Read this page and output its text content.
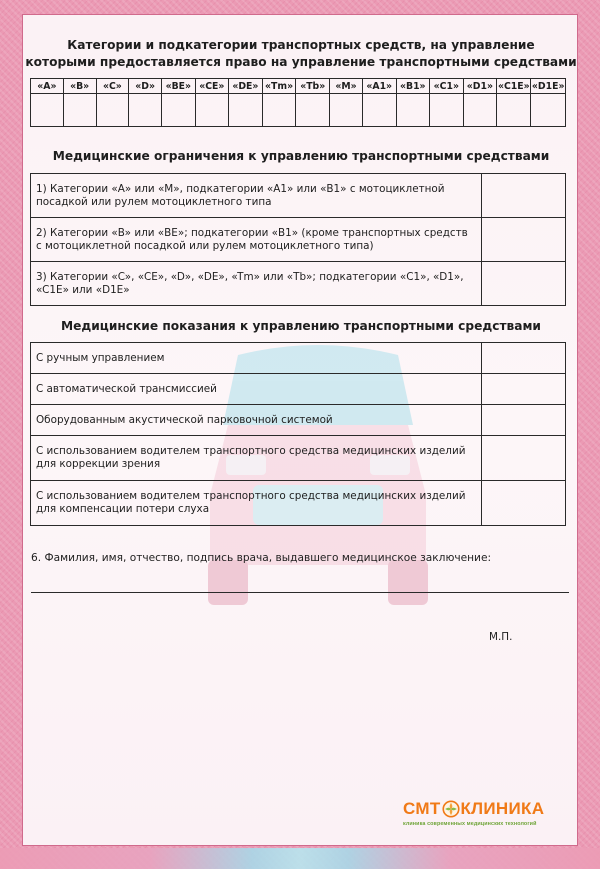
Категории и подкатегории транспортных средств, на управление
которыми предоставляется право на управление транспортными средствами
«A»	«B»	«C»	«D»	«BE»	«CE»	«DE»	«Tm»	«Tb»	«M»	«A1»	«B1»	«C1»	«D1»	«C1E»	«D1E»

Медицинские ограничения к управлению транспортными средствами
1) Категории «A» или «M», подкатегории «A1» или «B1» с мотоциклетной посадкой или рулем мотоциклетного типа	
2) Категории «B» или «BE»; подкатегории «B1» (кроме транспортных средств с мотоциклетной посадкой или рулем мотоциклетного типа)	
3) Категории «C», «CE», «D», «DE», «Tm» или «Tb»; подкатегории «C1», «D1», «C1E» или «D1E»	
Медицинские показания к управлению транспортными средствами
С ручным управлением	
С автоматической трансмиссией	
Оборудованным акустической парковочной системой	
С использованием водителем транспортного средства медицинских изделий для коррекции зрения	
С использованием водителем транспортного средства медицинских изделий для компенсации потери слуха	
6. Фамилия, имя, отчество, подпись врача, выдавшего медицинское заключение:
М.П.
СМТ КЛИНИКА
клиника современных медицинских технологий
